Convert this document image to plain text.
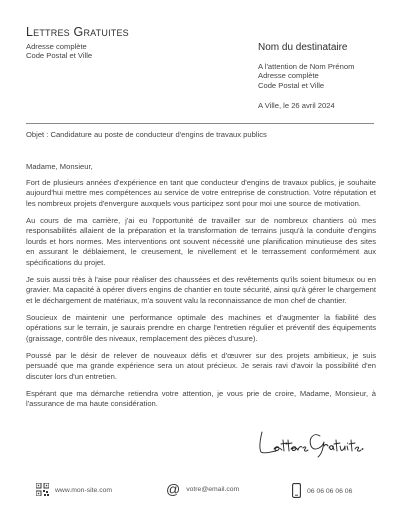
Lettres Gratuites
Adresse complète
Code Postal et Ville
Nom du destinataire
A l'attention de Nom Prénom
Adresse complète
Code Postal et Ville
A Ville, le 26 avril 2024
Objet : Candidature au poste de conducteur d'engins de travaux publics

Madame, Monsieur,

Fort de plusieurs années d'expérience en tant que conducteur d'engins de travaux publics, je souhaite aujourd'hui mettre mes compétences au service de votre entreprise de construction. Votre réputation et les nombreux projets d'envergure auxquels vous participez sont pour moi une source de motivation.

Au cours de ma carrière, j'ai eu l'opportunité de travailler sur de nombreux chantiers où mes responsabilités allaient de la préparation et la transformation de terrains jusqu'à la conduite d'engins lourds et hors normes. Mes interventions ont souvent nécessité une planification minutieuse des sites en assurant le déblaiement, le creusement, le nivellement et le terrassement conformément aux spécifications du projet.

Je suis aussi très à l'aise pour réaliser des chaussées et des revêtements qu'ils soient bitumeux ou en gravier. Ma capacité à opérer divers engins de chantier en toute sécurité, ainsi qu'à gérer le chargement et le déchargement de matériaux, m'a souvent valu la reconnaissance de mon chef de chantier.

Soucieux de maintenir une performance optimale des machines et d'augmenter la fiabilité des opérations sur le terrain, je saurais prendre en charge l'entretien régulier et préventif des équipements (graissage, contrôle des niveaux, remplacement des pièces d'usure).

Poussé par le désir de relever de nouveaux défis et d'œuvrer sur des projets ambitieux, je suis persuadé que ma grande expérience sera un atout précieux. Je serais ravi d'avoir la possibilité d'en discuter lors d'un entretien.

Espérant que ma démarche retiendra votre attention, je vous prie de croire, Madame, Monsieur, à l'assurance de ma haute considération.

www.mon-site.com	@ votre@email.com	06 06 06 06 06
